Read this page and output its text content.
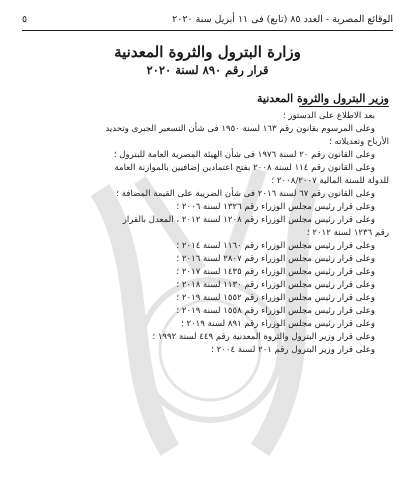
الوقائع المصرية - العدد ٨٥ (تابع) فى ١١ أبريل سنة ٢٠٢٠
٥
وزارة البترول والثروة المعدنية
قرار رقم ٨٩٠ لسنة ٢٠٢٠
وزير البترول والثروة المعدنية
بعد الاطلاع على الدستور ؛
وعلى المرسوم بقانون رقم ١٦٣ لسنة ١٩٥٠ فى شأن التسعير الجبرى وتحديد
الأرباح وتعديلاته ؛
وعلى القانون رقم ٢٠ لسنة ١٩٧٦ فى شأن الهيئة المصرية العامة للبترول ؛
وعلى القانون رقم ١١٤ لسنة ٢٠٠٨ بفتح اعتمادين إضافيين بالموازنة العامة
للدولة للسنة المالية ٢٠٠٨/٢٠٠٧ ؛
وعلى القانون رقم ٦٧ لسنة ٢٠١٦ فى شأن الضريبة على القيمة المضافة ؛
وعلى قرار رئيس مجلس الوزراء رقم ١٣٢٦ لسنة ٢٠٠٦ ؛
وعلى قرار رئيس مجلس الوزراء رقم ١٢٠٨ لسنة ٢٠١٢ ، المعدل بالقرار
رقم ١٢٣٦ لسنة ٢٠١٢ ؛
وعلى قرار رئيس مجلس الوزراء رقم ١١٦٠ لسنة ٢٠١٤ ؛
وعلى قرار رئيس مجلس الوزراء رقم ٢٨٠٧ لسنة ٢٠١٦ ؛
وعلى قرار رئيس مجلس الوزراء رقم ١٤٣٥ لسنة ٢٠١٧ ؛
وعلى قرار رئيس مجلس الوزراء رقم ١١٣٠ لسنة ٢٠١٨ ؛
وعلى قرار رئيس مجلس الوزراء رقم ١٥٥٢ لسنة ٢٠١٩ ؛
وعلى قرار رئيس مجلس الوزراء رقم ١٥٥٨ لسنة ٢٠١٩ ؛
وعلى قرار رئيس مجلس الوزراء رقم ٨٩١ لسنة ٢٠١٩ ؛
وعلى قرار وزير البترول والثروة المعدنية رقم ٤٤٩ لسنة ١٩٩٢ ؛
وعلى قرار وزير البترول رقم ٢٠١ لسنة ٢٠٠٤ ؛
